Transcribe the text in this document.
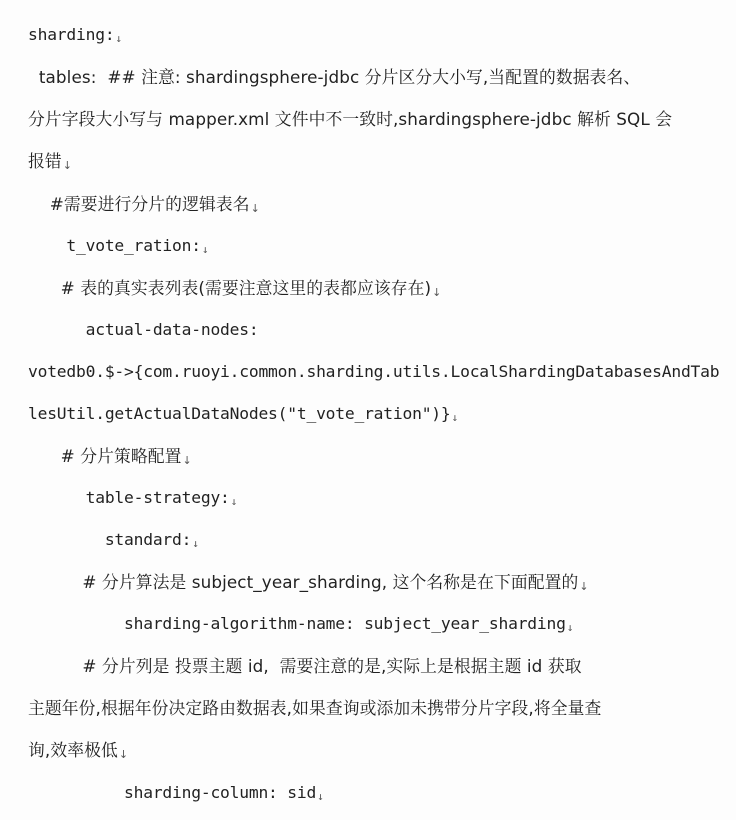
sharding:↓
tables:  ## 注意: shardingsphere-jdbc 分片区分大小写,当配置的数据表名、
分片字段大小写与 mapper.xml 文件中不一致时,shardingsphere-jdbc 解析 SQL 会
报错↓
#需要进行分片的逻辑表名↓
t_vote_ration:↓
# 表的真实表列表(需要注意这里的表都应该存在)↓
actual-data-nodes:
votedb0.$->{com.ruoyi.common.sharding.utils.LocalShardingDatabasesAndTab
lesUtil.getActualDataNodes("t_vote_ration")}↓
# 分片策略配置↓
table-strategy:↓
standard:↓
# 分片算法是 subject_year_sharding, 这个名称是在下面配置的↓
sharding-algorithm-name: subject_year_sharding↓
# 分片列是 投票主题 id,  需要注意的是,实际上是根据主题 id 获取
主题年份,根据年份决定路由数据表,如果查询或添加未携带分片字段,将全量查
询,效率极低↓
sharding-column: sid↓
